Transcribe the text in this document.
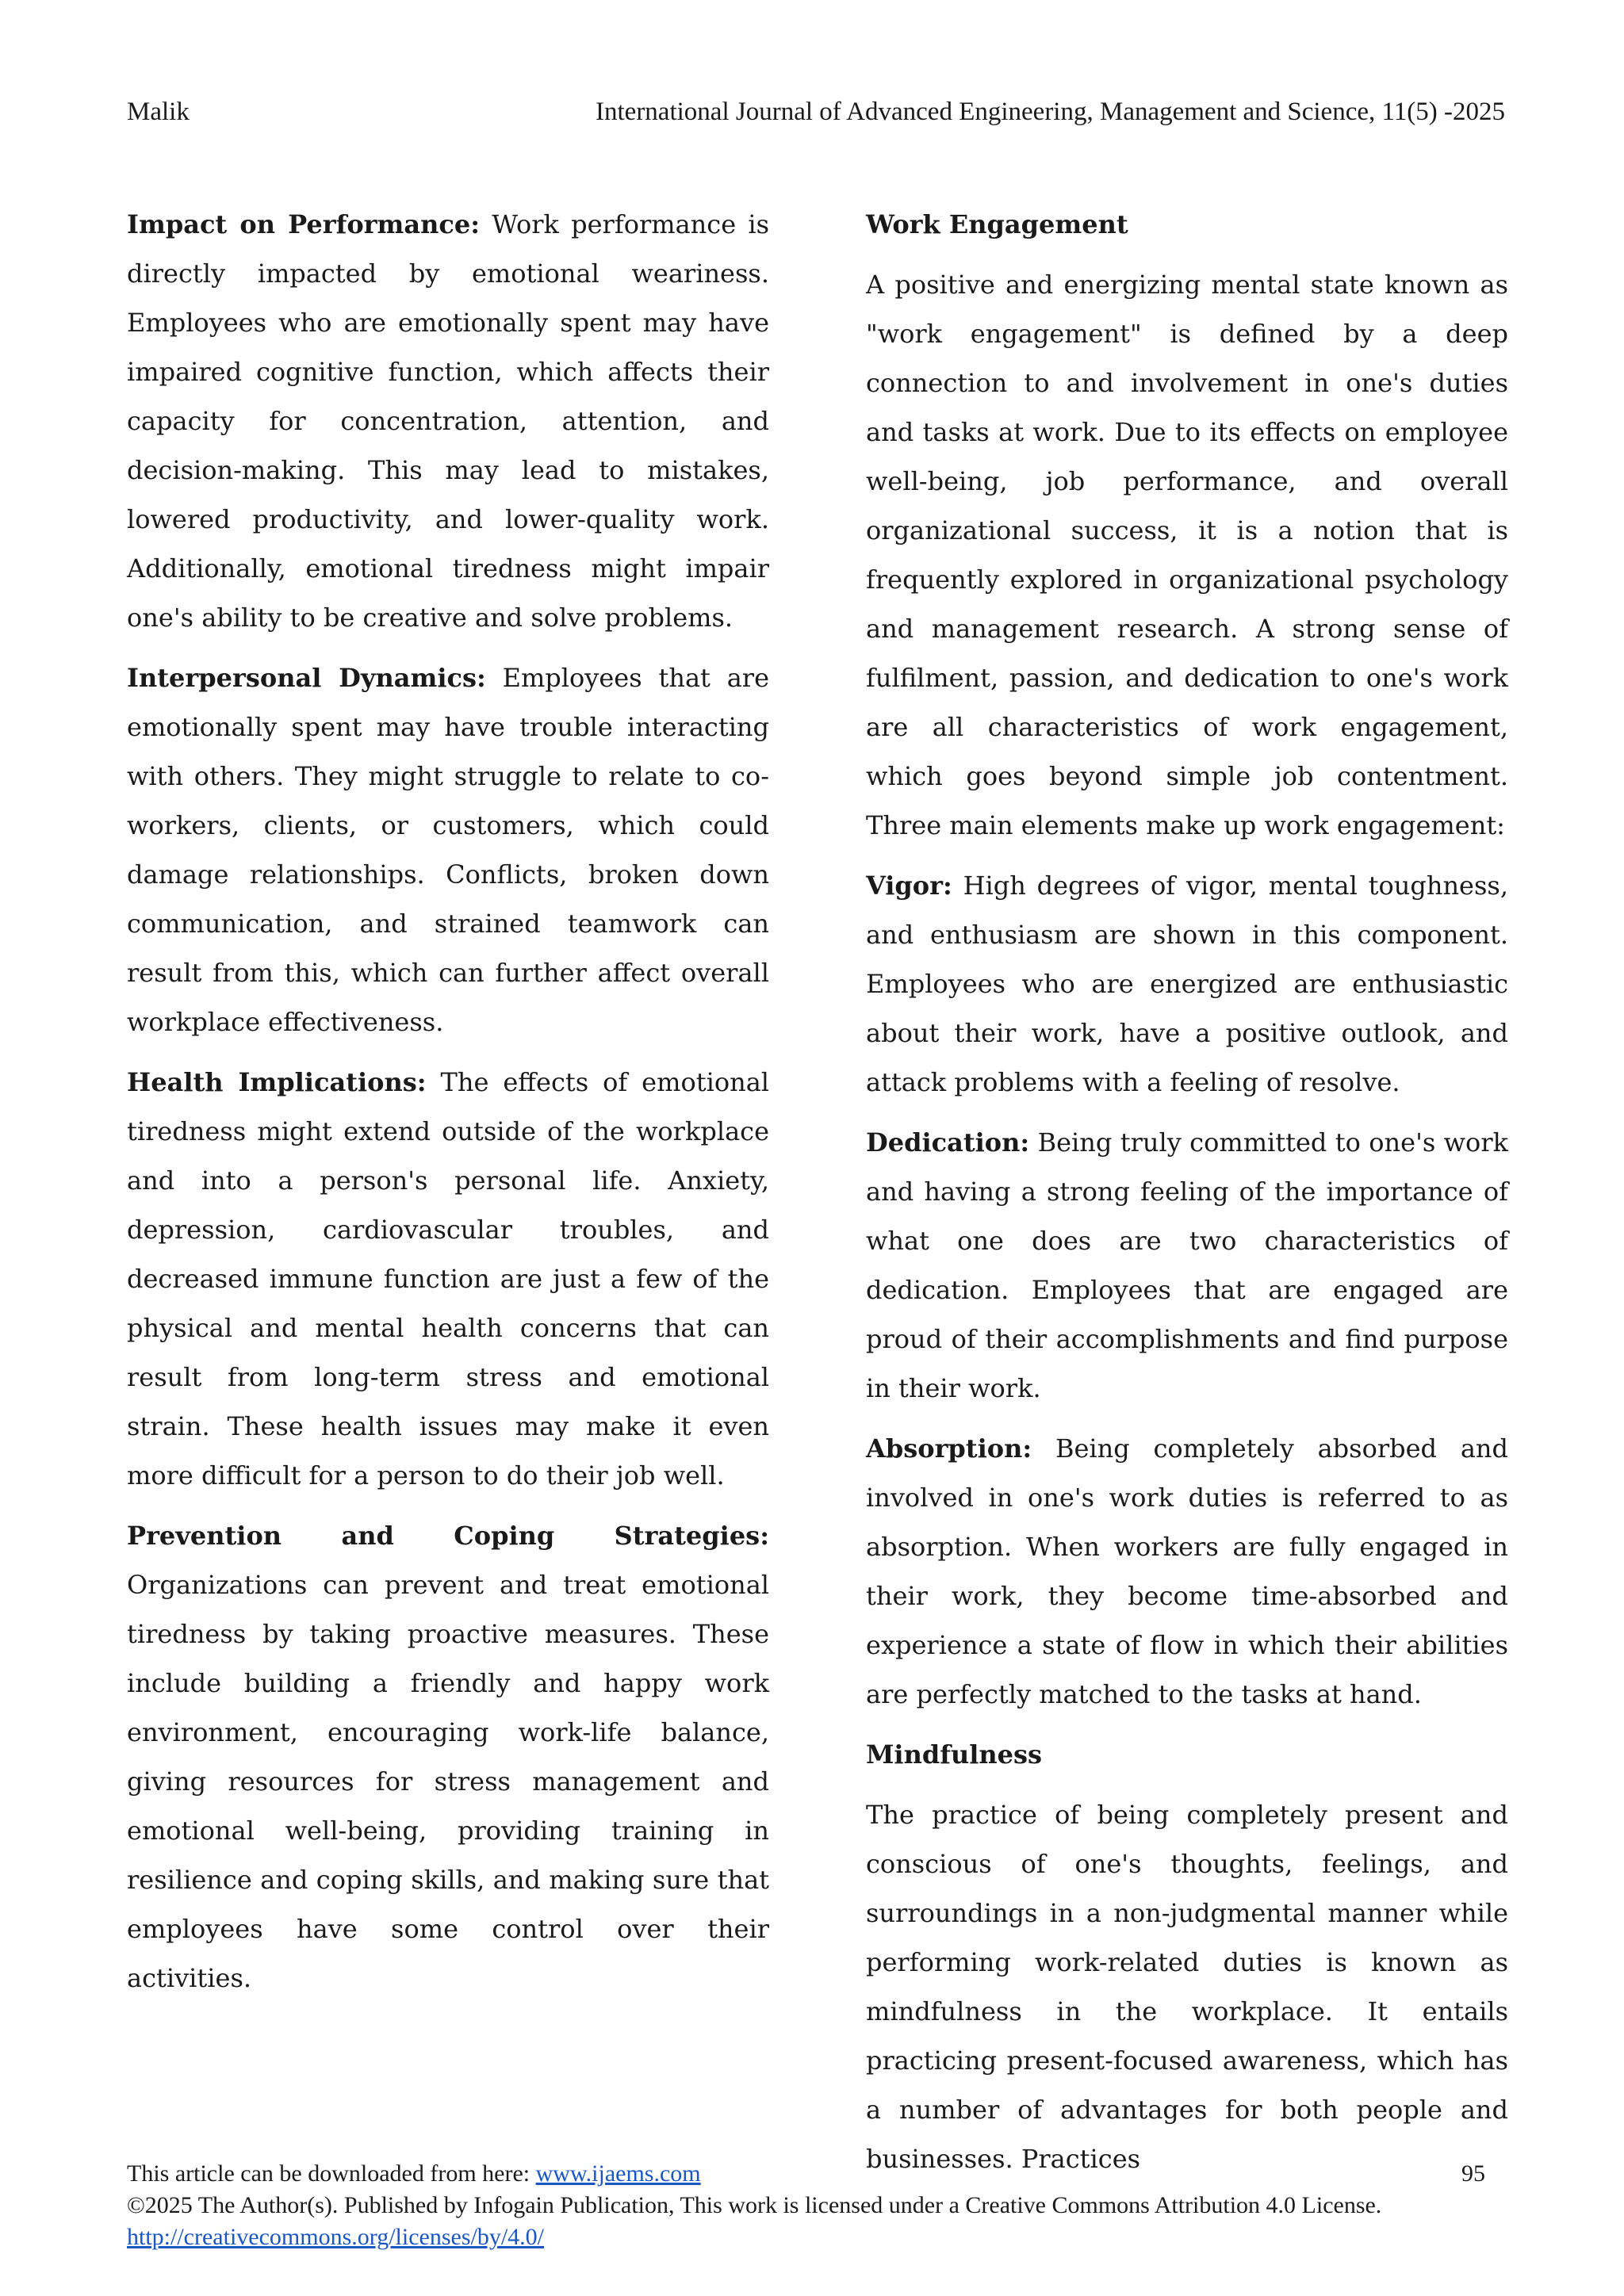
Malik	International Journal of Advanced Engineering, Management and Science, 11(5) -2025

Impact on Performance: Work performance is directly impacted by emotional weariness. Employees who are emotionally spent may have impaired cognitive function, which affects their capacity for concentration, attention, and decision-making. This may lead to mistakes, lowered productivity, and lower-quality work. Additionally, emotional tiredness might impair one's ability to be creative and solve problems.

Interpersonal Dynamics: Employees that are emotionally spent may have trouble interacting with others. They might struggle to relate to co-workers, clients, or customers, which could damage relationships. Conflicts, broken down communication, and strained teamwork can result from this, which can further affect overall workplace effectiveness.

Health Implications: The effects of emotional tiredness might extend outside of the workplace and into a person's personal life. Anxiety, depression, cardiovascular troubles, and decreased immune function are just a few of the physical and mental health concerns that can result from long-term stress and emotional strain. These health issues may make it even more difficult for a person to do their job well.

Prevention and Coping Strategies: Organizations can prevent and treat emotional tiredness by taking proactive measures. These include building a friendly and happy work environment, encouraging work-life balance, giving resources for stress management and emotional well-being, providing training in resilience and coping skills, and making sure that employees have some control over their activities.

Work Engagement

A positive and energizing mental state known as "work engagement" is defined by a deep connection to and involvement in one's duties and tasks at work. Due to its effects on employee well-being, job performance, and overall organizational success, it is a notion that is frequently explored in organizational psychology and management research. A strong sense of fulfilment, passion, and dedication to one's work are all characteristics of work engagement, which goes beyond simple job contentment. Three main elements make up work engagement:

Vigor: High degrees of vigor, mental toughness, and enthusiasm are shown in this component. Employees who are energized are enthusiastic about their work, have a positive outlook, and attack problems with a feeling of resolve.

Dedication: Being truly committed to one's work and having a strong feeling of the importance of what one does are two characteristics of dedication. Employees that are engaged are proud of their accomplishments and find purpose in their work.

Absorption: Being completely absorbed and involved in one's work duties is referred to as absorption. When workers are fully engaged in their work, they become time-absorbed and experience a state of flow in which their abilities are perfectly matched to the tasks at hand.

Mindfulness

The practice of being completely present and conscious of one's thoughts, feelings, and surroundings in a non-judgmental manner while performing work-related duties is known as mindfulness in the workplace. It entails practicing present-focused awareness, which has a number of advantages for both people and businesses. Practices

This article can be downloaded from here: www.ijaems.com	95
©2025 The Author(s). Published by Infogain Publication, This work is licensed under a Creative Commons Attribution 4.0 License. http://creativecommons.org/licenses/by/4.0/
